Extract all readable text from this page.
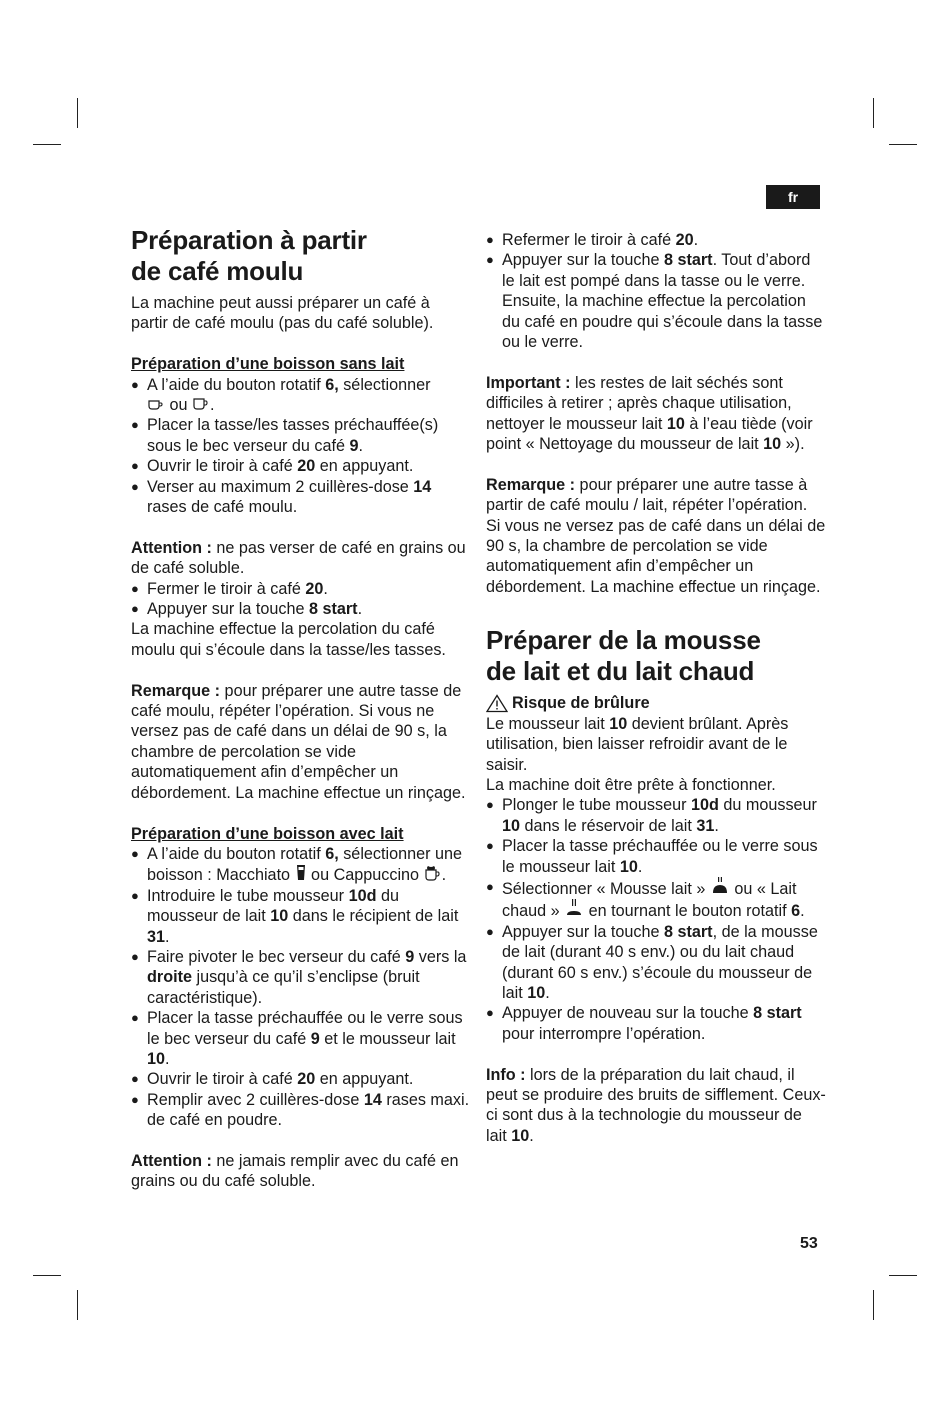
fr
Préparation à partir
de café moulu

La machine peut aussi préparer un café à partir de café moulu (pas du café soluble).

Préparation d’une boisson sans lait

● A l’aide du bouton rotatif 6, sélectionner
ou .
● Placer la tasse/les tasses préchauffée(s) sous le bec verseur du café 9.
● Ouvrir le tiroir à café 20 en appuyant.
● Verser au maximum 2 cuillères-dose 14 rases de café moulu.

Attention : ne pas verser de café en grains ou de café soluble.

● Fermer le tiroir à café 20.
● Appuyer sur la touche 8 start.

La machine effectue la percolation du café moulu qui s’écoule dans la tasse/les tasses.

Remarque : pour préparer une autre tasse de café moulu, répéter l’opération. Si vous ne versez pas de café dans un délai de 90 s, la chambre de percolation se vide automatiquement afin d’empêcher un débordement. La machine effectue un rinçage.

Préparation d’une boisson avec lait

● A l’aide du bouton rotatif 6, sélectionner une boisson : Macchiato  ou Cappuccino .
● Introduire le tube mousseur 10d du mousseur de lait 10 dans le récipient de lait 31.
● Faire pivoter le bec verseur du café 9 vers la droite jusqu’à ce qu’il s’enclipse (bruit caractéristique).
● Placer la tasse préchauffée ou le verre sous le bec verseur du café 9 et le mousseur lait 10.
● Ouvrir le tiroir à café 20 en appuyant.
● Remplir avec 2 cuillères-dose 14 rases maxi. de café en poudre.

Attention : ne jamais remplir avec du café en grains ou du café soluble.

● Refermer le tiroir à café 20.
● Appuyer sur la touche 8 start. Tout d’abord le lait est pompé dans la tasse ou le verre. Ensuite, la machine effectue la percolation du café en poudre qui s’écoule dans la tasse ou le verre.

Important : les restes de lait séchés sont difficiles à retirer ; après chaque utilisation, nettoyer le mousseur lait 10 à l’eau tiède (voir point « Nettoyage du mousseur de lait 10 »).

Remarque : pour préparer une autre tasse à partir de café moulu / lait, répéter l’opération. Si vous ne versez pas de café dans un délai de 90 s, la chambre de percolation se vide automatiquement afin d’empêcher un débordement. La machine effectue un rinçage.

Préparer de la mousse
de lait et du lait chaud
Risque de brûlure

Le mousseur lait 10 devient brûlant. Après utilisation, bien laisser refroidir avant de le saisir.

La machine doit être prête à fonctionner.

● Plonger le tube mousseur 10d du mousseur 10 dans le réservoir de lait 31.
● Placer la tasse préchauffée ou le verre sous le mousseur lait 10.
● Sélectionner « Mousse lait »  ou « Lait chaud »  en tournant le bouton rotatif 6.
● Appuyer sur la touche 8 start, de la mousse de lait (durant 40 s env.) ou du lait chaud (durant 60 s env.) s’écoule du mousseur de lait 10.
● Appuyer de nouveau sur la touche 8 start pour interrompre l’opération.

Info : lors de la préparation du lait chaud, il peut se produire des bruits de sifflement. Ceux-ci sont dus à la technologie du mousseur de lait 10.

53
